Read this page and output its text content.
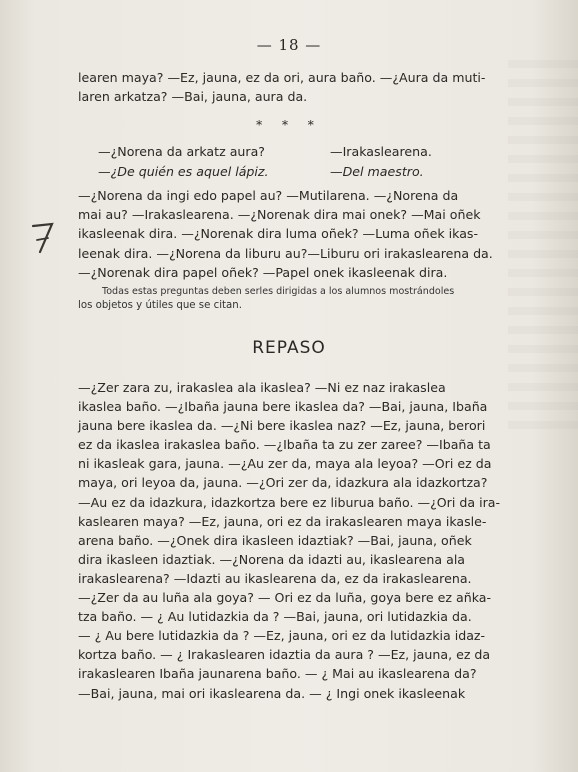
— 18 —

learen maya? —Ez, jauna, ez da ori, aura baño. —¿Aura da muti-
laren arkatza? —Bai, jauna, aura da.

* * *
—¿Norena da arkatz aura?	—Irakaslearena.
—¿De quién es aquel lápiz.	—Del maestro.

—¿Norena da ingi edo papel au? —Mutilarena. —¿Norena da
mai au? —Irakaslearena. —¿Norenak dira mai onek? —Mai oñek
ikasleenak dira. —¿Norenak dira luma oñek? —Luma oñek ikas-
leenak dira. —¿Norena da liburu au?—Liburu ori irakaslearena da.
—¿Norenak dira papel oñek? —Papel onek ikasleenak dira.

Todas estas preguntas deben serles dirigidas a los alumnos mostrándoles
los objetos y útiles que se citan.
REPASO

—¿Zer zara zu, irakaslea ala ikaslea? —Ni ez naz irakaslea
ikaslea baño. —¿Ibaña jauna bere ikaslea da? —Bai, jauna, Ibaña
jauna bere ikaslea da. —¿Ni bere ikaslea naz? —Ez, jauna, berori
ez da ikaslea irakaslea baño. —¿Ibaña ta zu zer zaree? —Ibaña ta
ni ikasleak gara, jauna. —¿Au zer da, maya ala leyoa? —Ori ez da
maya, ori leyoa da, jauna. —¿Ori zer da, idazkura ala idazkortza?
—Au ez da idazkura, idazkortza bere ez liburua baño. —¿Ori da ira-
kaslearen maya? —Ez, jauna, ori ez da irakaslearen maya ikasle-
arena baño. —¿Onek dira ikasleen idaztiak? —Bai, jauna, oñek
dira ikasleen idaztiak. —¿Norena da idazti au, ikaslearena ala
irakaslearena? —Idazti au ikaslearena da, ez da irakaslearena.
—¿Zer da au luña ala goya? — Ori ez da luña, goya bere ez añka-
tza baño. — ¿ Au lutidazkia da ? —Bai, jauna, ori lutidazkia da.
— ¿ Au bere lutidazkia da ? —Ez, jauna, ori ez da lutidazkia idaz-
kortza baño. — ¿ Irakaslearen idaztia da aura ? —Ez, jauna, ez da
irakaslearen Ibaña jaunarena baño. — ¿ Mai au ikaslearena da?
—Bai, jauna, mai ori ikaslearena da. — ¿ Ingi onek ikasleenak
